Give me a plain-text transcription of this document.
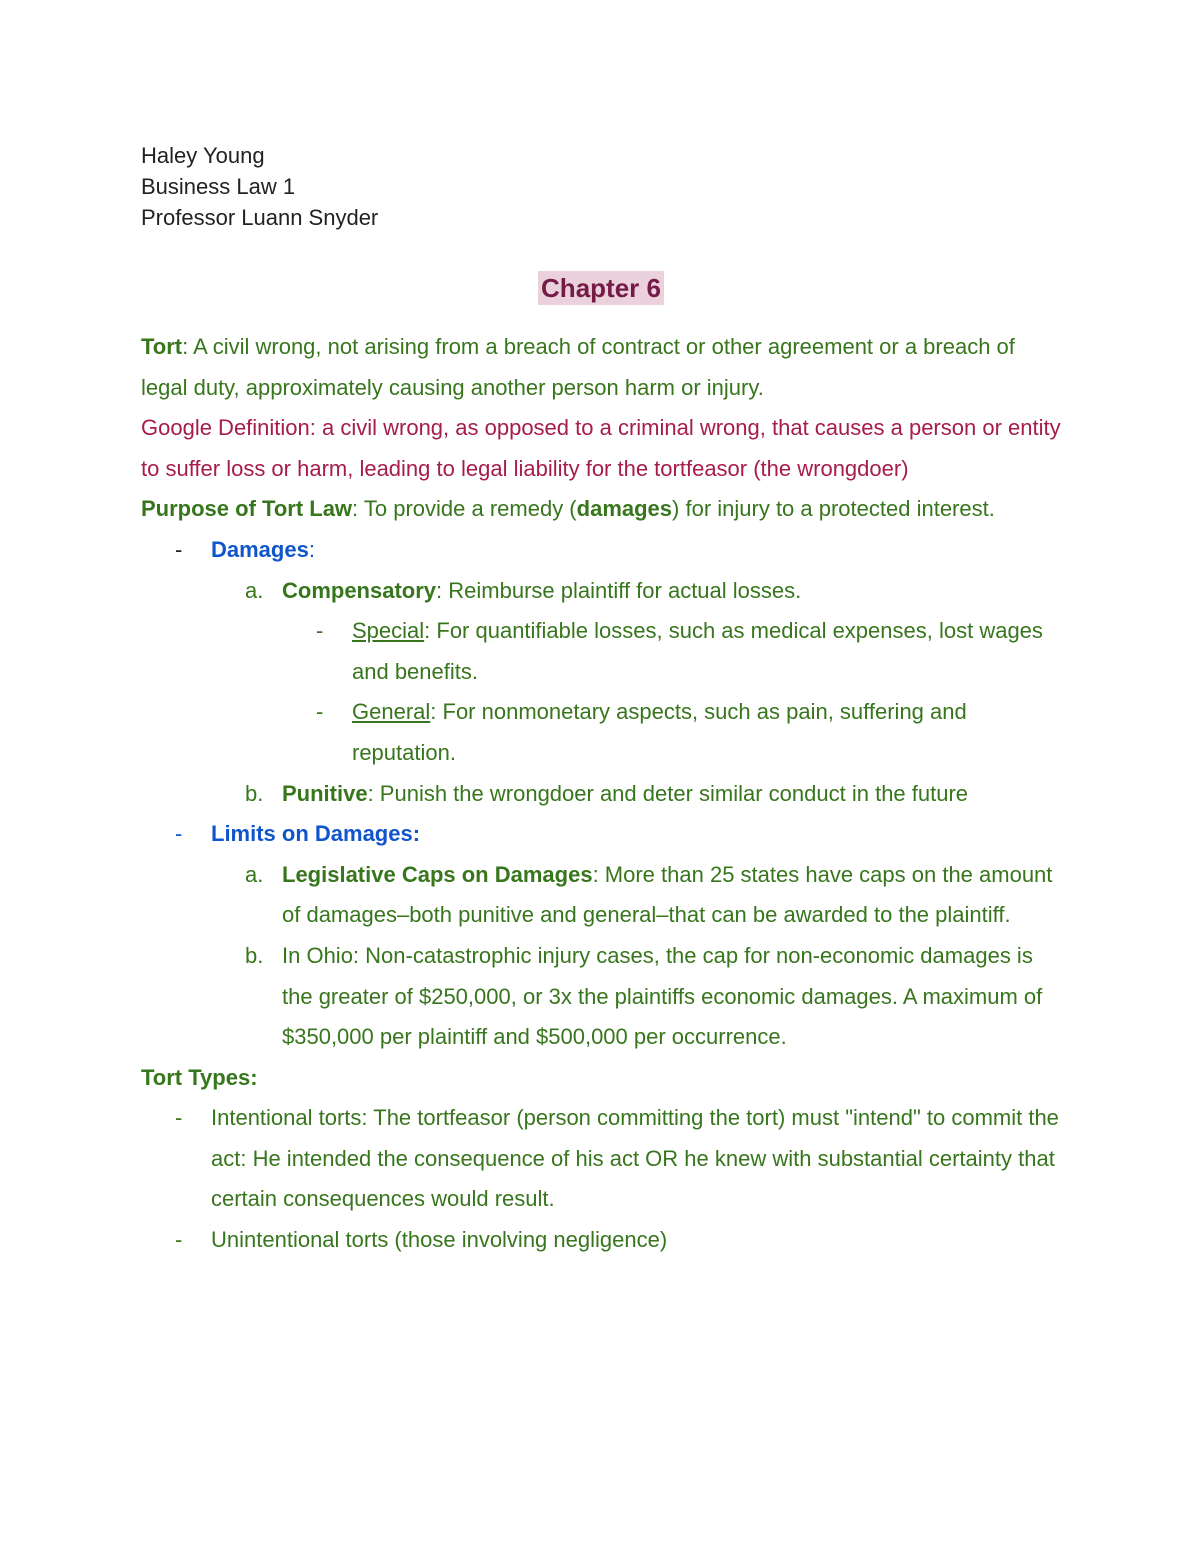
Haley Young
Business Law 1
Professor Luann Snyder
Chapter 6
Tort: A civil wrong, not arising from a breach of contract or other agreement or a breach of legal duty, approximately causing another person harm or injury.
Google Definition: a civil wrong, as opposed to a criminal wrong, that causes a person or entity to suffer loss or harm, leading to legal liability for the tortfeasor (the wrongdoer)
Purpose of Tort Law: To provide a remedy (damages) for injury to a protected interest.
- Damages:
a. Compensatory: Reimburse plaintiff for actual losses.
- Special: For quantifiable losses, such as medical expenses, lost wages and benefits.
- General: For nonmonetary aspects, such as pain, suffering and reputation.
b. Punitive: Punish the wrongdoer and deter similar conduct in the future
- Limits on Damages:
a. Legislative Caps on Damages: More than 25 states have caps on the amount of damages–both punitive and general–that can be awarded to the plaintiff.
b. In Ohio: Non-catastrophic injury cases, the cap for non-economic damages is the greater of $250,000, or 3x the plaintiffs economic damages. A maximum of $350,000 per plaintiff and $500,000 per occurrence.
Tort Types:
- Intentional torts: The tortfeasor (person committing the tort) must "intend" to commit the act: He intended the consequence of his act OR he knew with substantial certainty that certain consequences would result.
- Unintentional torts (those involving negligence)
